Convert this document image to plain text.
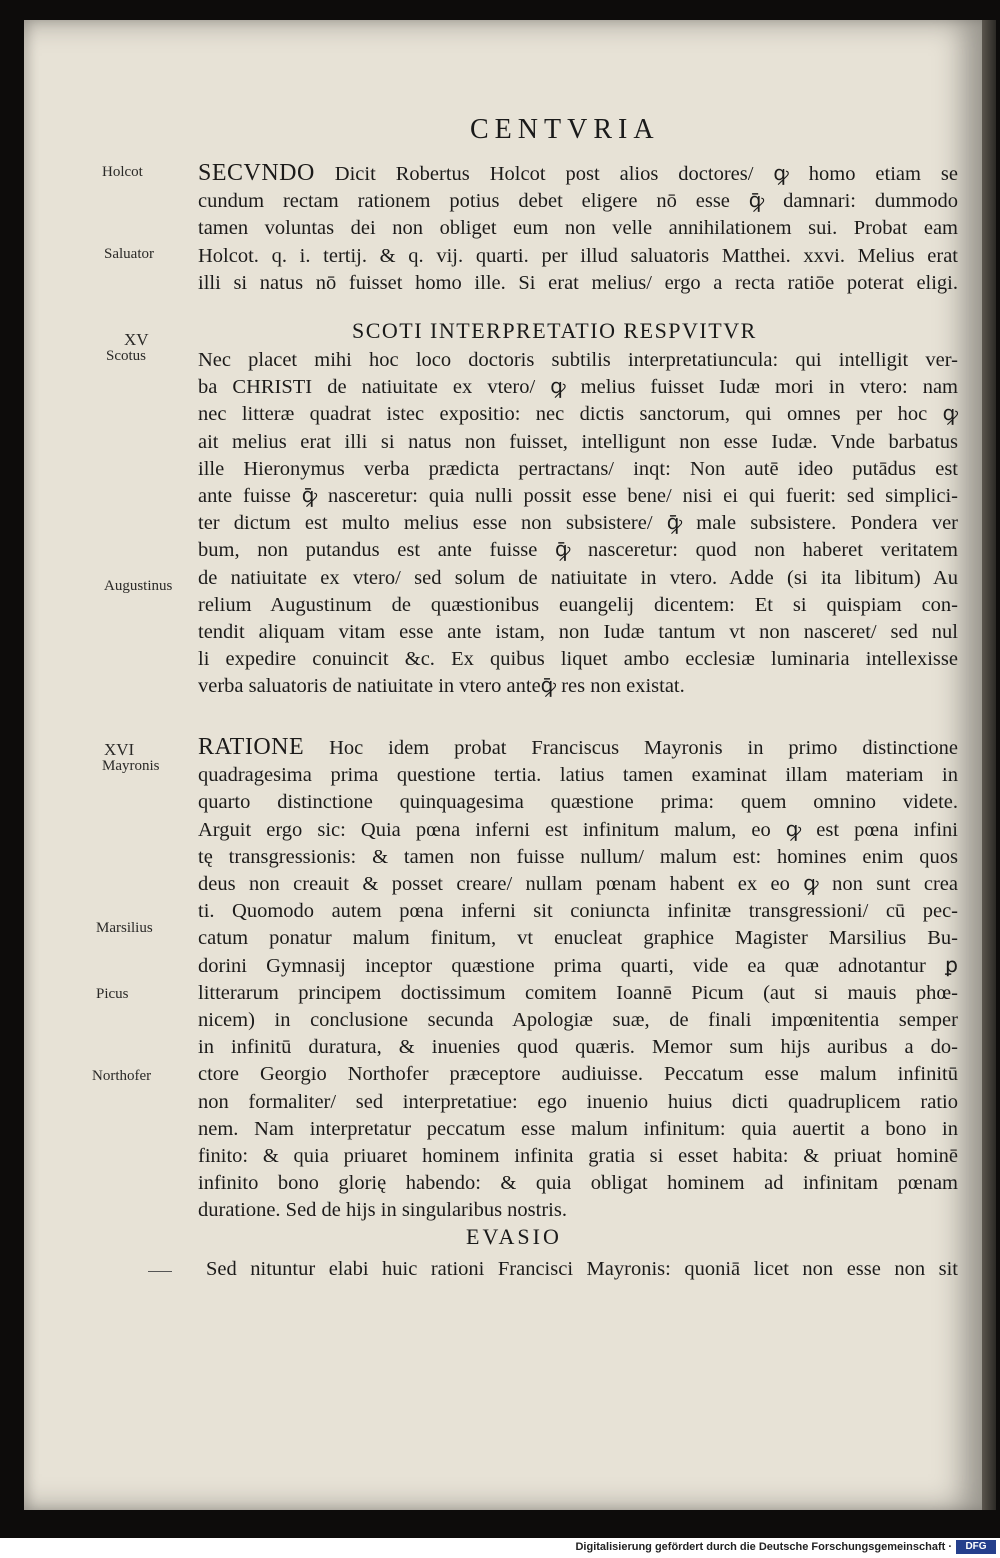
CENTVRIA
Holcot
Saluator
XV
Scotus
Augustinus
XVI
Mayronis
Marsilius
Picus
Northofer
SECVNDO Dicit Robertus Holcot post alios doctores/ ꝙ homo etiam se
cundum rectam rationem potius debet eligere nō esse ꝙ̄ damnari: dummodo
tamen voluntas dei non obliget eum non velle annihilationem sui. Probat eam
Holcot. q. i. tertij. & q. vij. quarti. per illud saluatoris Matthei. xxvi. Melius erat
illi si natus nō fuisset homo ille. Si erat melius/ ergo a recta ratiōe poterat eligi.
SCOTI INTERPRETATIO RESPVITVR
Nec placet mihi hoc loco doctoris subtilis interpretatiuncula: qui intelligit ver-
ba CHRISTI de natiuitate ex vtero/ ꝙ melius fuisset Iudæ mori in vtero: nam
nec litteræ quadrat istec expositio: nec dictis sanctorum, qui omnes per hoc ꝙ
ait melius erat illi si natus non fuisset, intelligunt non esse Iudæ. Vnde barbatus
ille Hieronymus verba prædicta pertractans/ inqt: Non autē ideo putādus est
ante fuisse ꝙ̄ nasceretur: quia nulli possit esse bene/ nisi ei qui fuerit: sed simplici-
ter dictum est multo melius esse non subsistere/ ꝙ̄ male subsistere. Pondera ver
bum, non putandus est ante fuisse ꝙ̄ nasceretur: quod non haberet veritatem
de natiuitate ex vtero/ sed solum de natiuitate in vtero. Adde (si ita libitum) Au
relium Augustinum de quæstionibus euangelij dicentem: Et si quispiam con-
tendit aliquam vitam esse ante istam, non Iudæ tantum vt non nasceret/ sed nul
li expedire conuincit &c. Ex quibus liquet ambo ecclesiæ luminaria intellexisse
verba saluatoris de natiuitate in vtero anteꝙ̄ res non existat.
RATIONE Hoc idem probat Franciscus Mayronis in primo distinctione
quadragesima prima questione tertia. latius tamen examinat illam materiam in
quarto distinctione quinquagesima quæstione prima: quem omnino videte.
Arguit ergo sic: Quia pœna inferni est infinitum malum, eo ꝙ est pœna infini
tę transgressionis: & tamen non fuisse nullum/ malum est: homines enim quos
deus non creauit & posset creare/ nullam pœnam habent ex eo ꝙ non sunt crea
ti. Quomodo autem pœna inferni sit coniuncta infinitæ transgressioni/ cū pec-
catum ponatur malum finitum, vt enucleat graphice Magister Marsilius Bu-
dorini Gymnasij inceptor quæstione prima quarti, vide ea quæ adnotantur ꝑ
litterarum principem doctissimum comitem Ioannē Picum (aut si mauis phœ-
nicem) in conclusione secunda Apologiæ suæ, de finali impœnitentia semper
in infinitū duratura, & inuenies quod quæris. Memor sum hijs auribus a do-
ctore Georgio Northofer præceptore audiuisse. Peccatum esse malum infinitū
non formaliter/ sed interpretatiue: ego inuenio huius dicti quadruplicem ratio
nem. Nam interpretatur peccatum esse malum infinitum: quia auertit a bono in
finito: & quia priuaret hominem infinita gratia si esset habita: & priuat hominē
infinito bono glorię habendo: & quia obligat hominem ad infinitam pœnam
duratione. Sed de hijs in singularibus nostris.
EVASIO
Sed nituntur elabi huic rationi Francisci Mayronis: quoniā licet non esse non sit
Digitalisierung gefördert durch die Deutsche Forschungsgemeinschaft ·	DFG
